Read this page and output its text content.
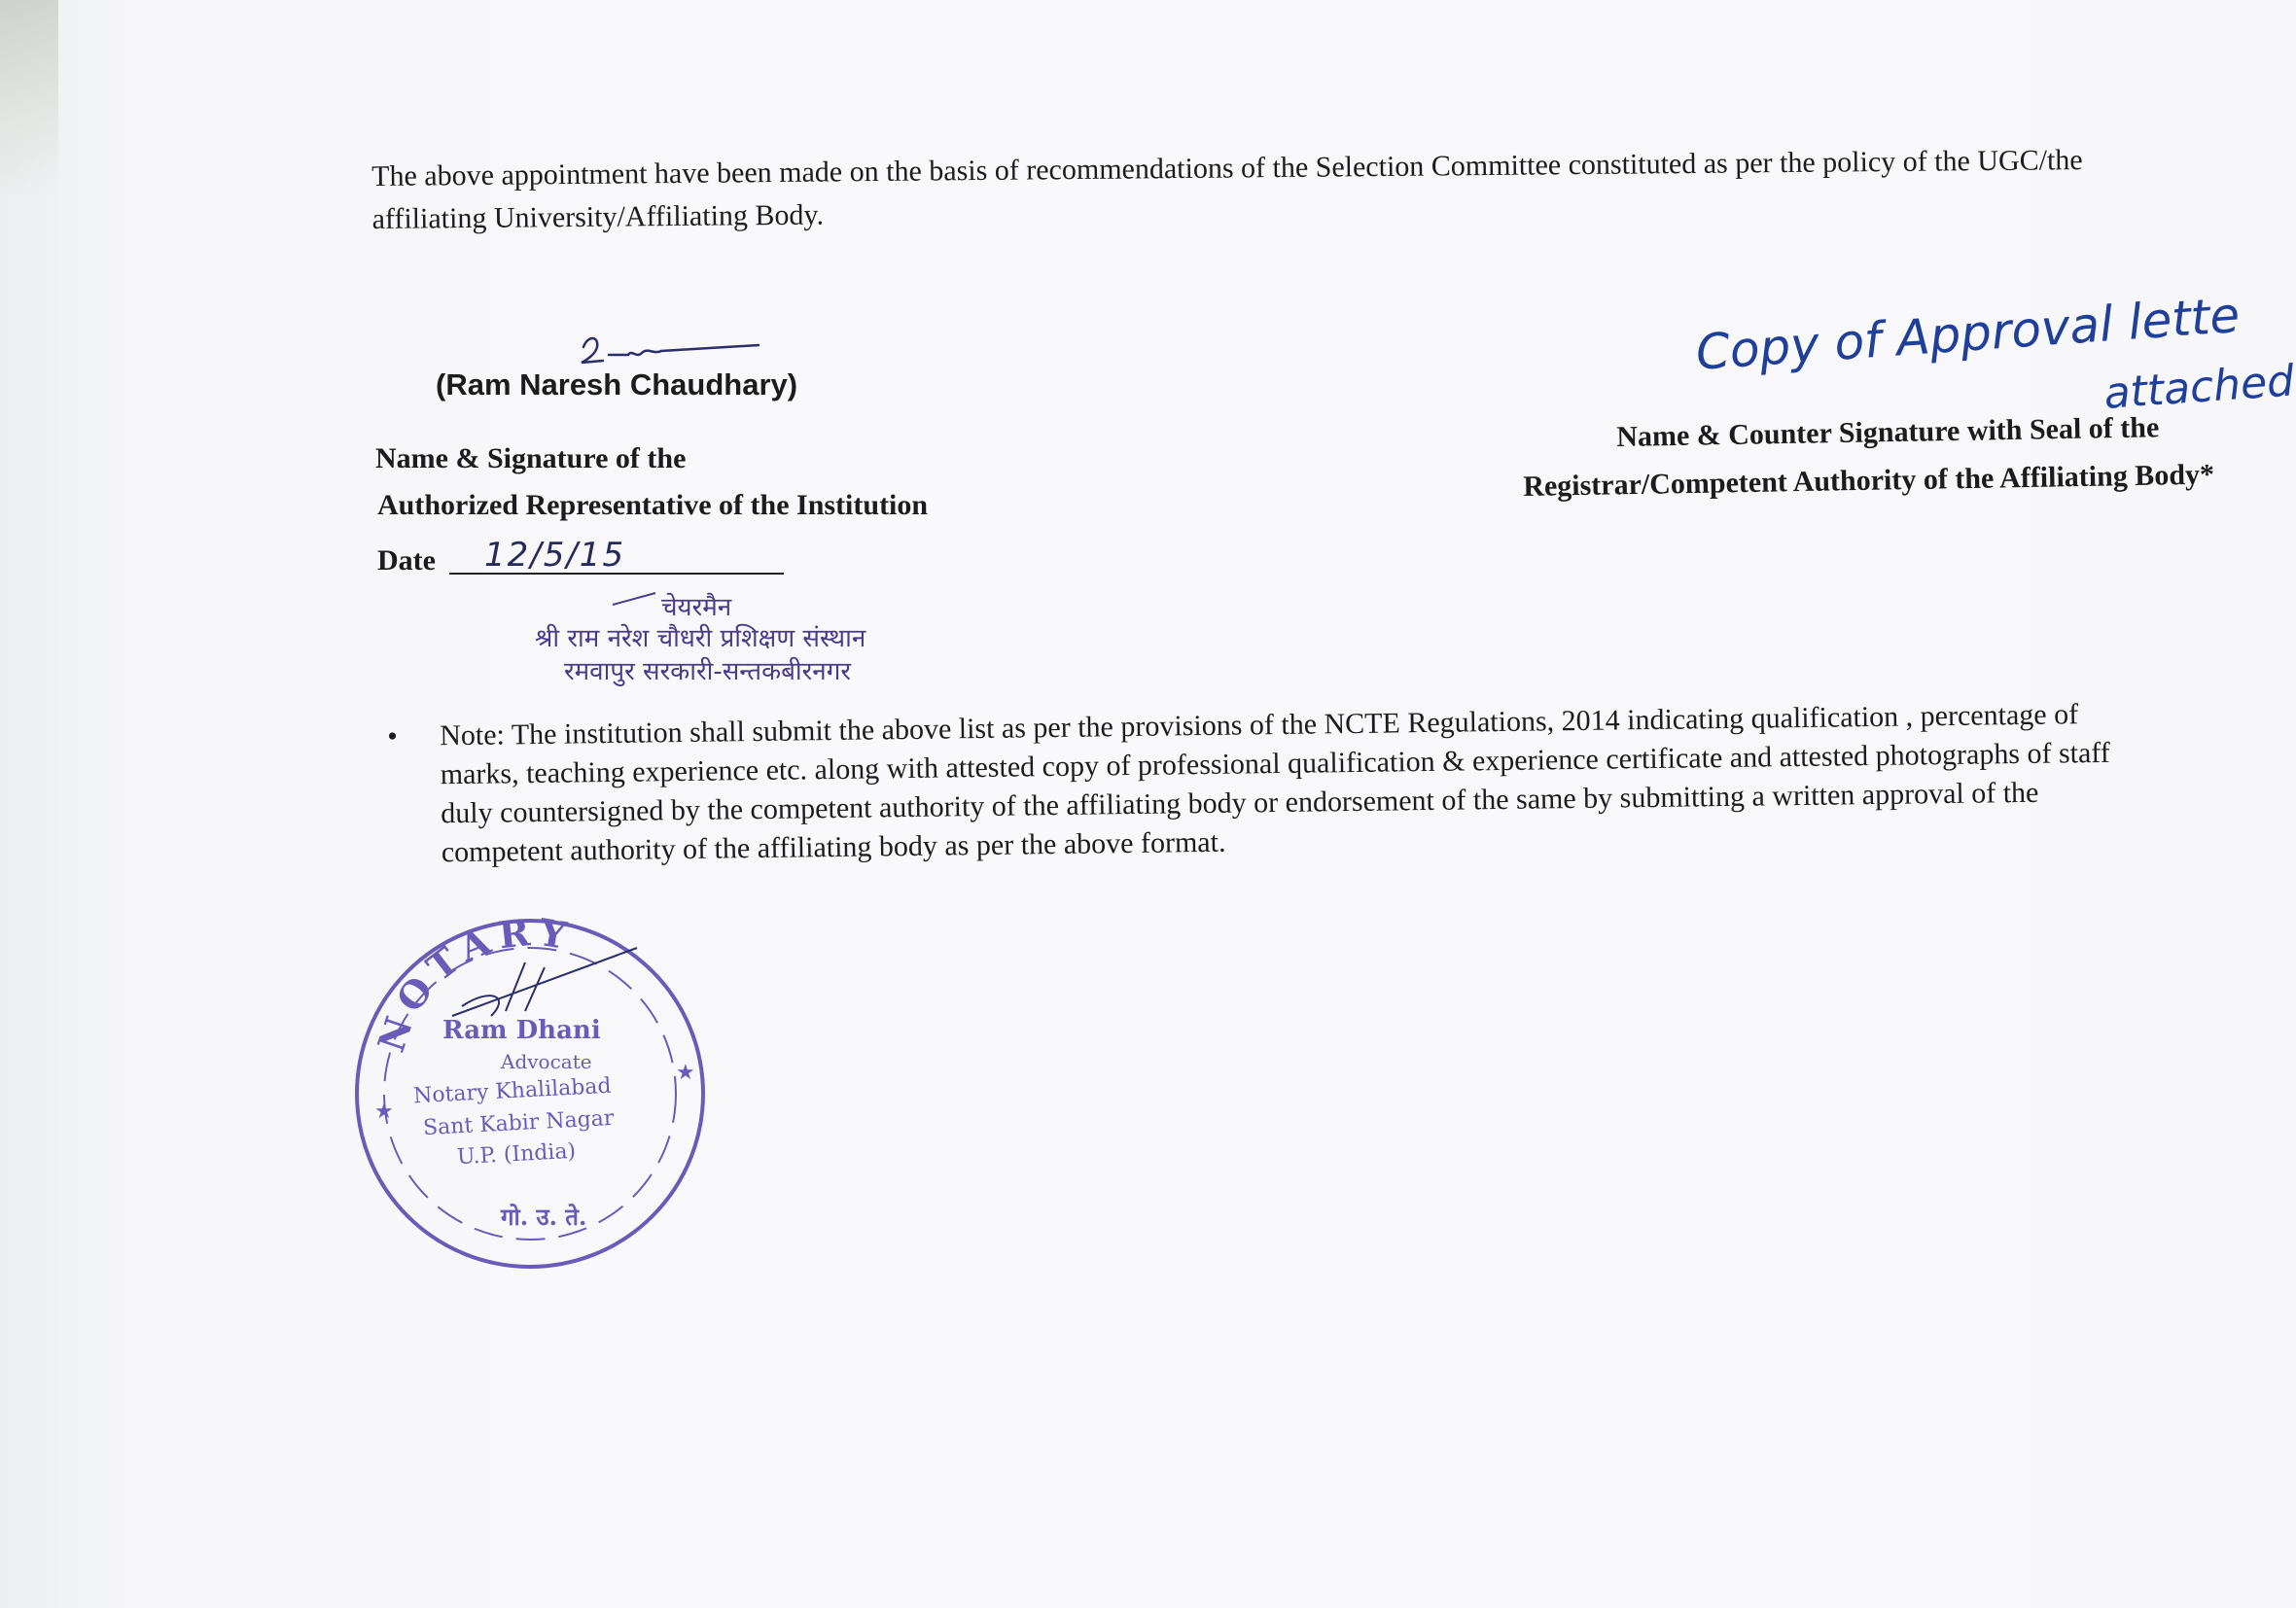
The above appointment have been made on the basis of recommendations of the Selection Committee constituted as per the policy of the UGC/the

affiliating University/Affiliating Body.

(Ram Naresh Chaudhary)
Name & Signature of the
Authorized Representative of the Institution
Date 12/5/15
चेयरमैन
श्री राम नरेश चौधरी प्रशिक्षण संस्थान
रमवापुर सरकारी-सन्तकबीरनगर
Copy of Approval lette
attached
Name & Counter Signature with Seal of the
Registrar/Competent Authority of the Affiliating Body*
• Note: The institution shall submit the above list as per the provisions of the NCTE Regulations, 2014 indicating qualification , percentage of
marks, teaching experience etc. along with attested copy of professional qualification & experience certificate and attested photographs of staff
duly countersigned by the competent authority of the affiliating body or endorsement of the same by submitting a written approval of the
competent authority of the affiliating body as per the above format.
NOTARY
★
★
Ram Dhani
Advocate
Notary Khalilabad
Sant Kabir Nagar
U.P. (India)
गो. उ. ते.
